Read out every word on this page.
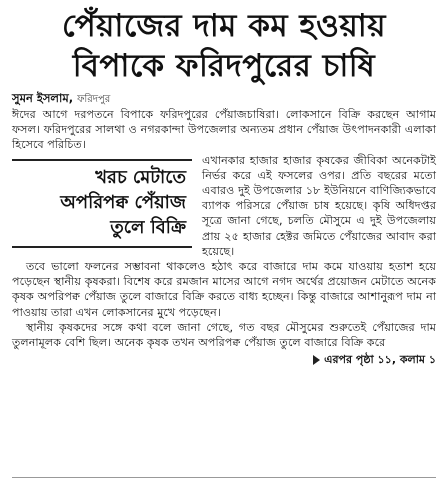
পেঁয়াজের দাম কম হওয়ায়
বিপাকে ফরিদপুরের চাষি
সুমন ইসলাম, ফরিদপুর

ঈদের আগে দরপতনে বিপাকে ফরিদপুরের পেঁয়াজচাষিরা। লোকসানে বিক্রি করছেন আগাম ফসল। ফরিদপুরের সালথা ও নগরকান্দা উপজেলার অন্যতম প্রধান পেঁয়াজ উৎপাদনকারী এলাকা হিসেবে পরিচিত।

খরচ মেটাতে
অপরিপক্ব পেঁয়াজ
তুলে বিক্রি
এখানকার হাজার হাজার কৃষকের জীবিকা অনেকটাই নির্ভর করে এই ফসলের ওপর। প্রতি বছরের মতো এবারও দুই উপজেলার ১৮ ইউনিয়নে বাণিজ্যিকভাবে ব্যাপক পরিসরে পেঁয়াজ চাষ হয়েছে। কৃষি অধিদপ্তর সূত্রে জানা গেছে, চলতি মৌসুমে এ দুই উপজেলায় প্রায় ২৫ হাজার হেক্টর জমিতে পেঁয়াজের আবাদ করা হয়েছে।

তবে ভালো ফলনের সম্ভাবনা থাকলেও হঠাৎ করে বাজারে দাম কমে যাওয়ায় হতাশ হয়ে পড়েছেন স্থানীয় কৃষকরা। বিশেষ করে রমজান মাসের আগে নগদ অর্থের প্রয়োজন মেটাতে অনেক কৃষক অপরিপক্ব পেঁয়াজ তুলে বাজারে বিক্রি করতে বাধ্য হচ্ছেন। কিন্তু বাজারে আশানুরূপ দাম না পাওয়ায় তারা এখন লোকসানের মুখে পড়েছেন।

স্থানীয় কৃষকদের সঙ্গে কথা বলে জানা গেছে, গত বছর মৌসুমের শুরুতেই পেঁয়াজের দাম তুলনামূলক বেশি ছিল। অনেক কৃষক তখন অপরিপক্ব পেঁয়াজ তুলে বাজারে বিক্রি করে

এরপর পৃষ্ঠা ১১, কলাম ১
